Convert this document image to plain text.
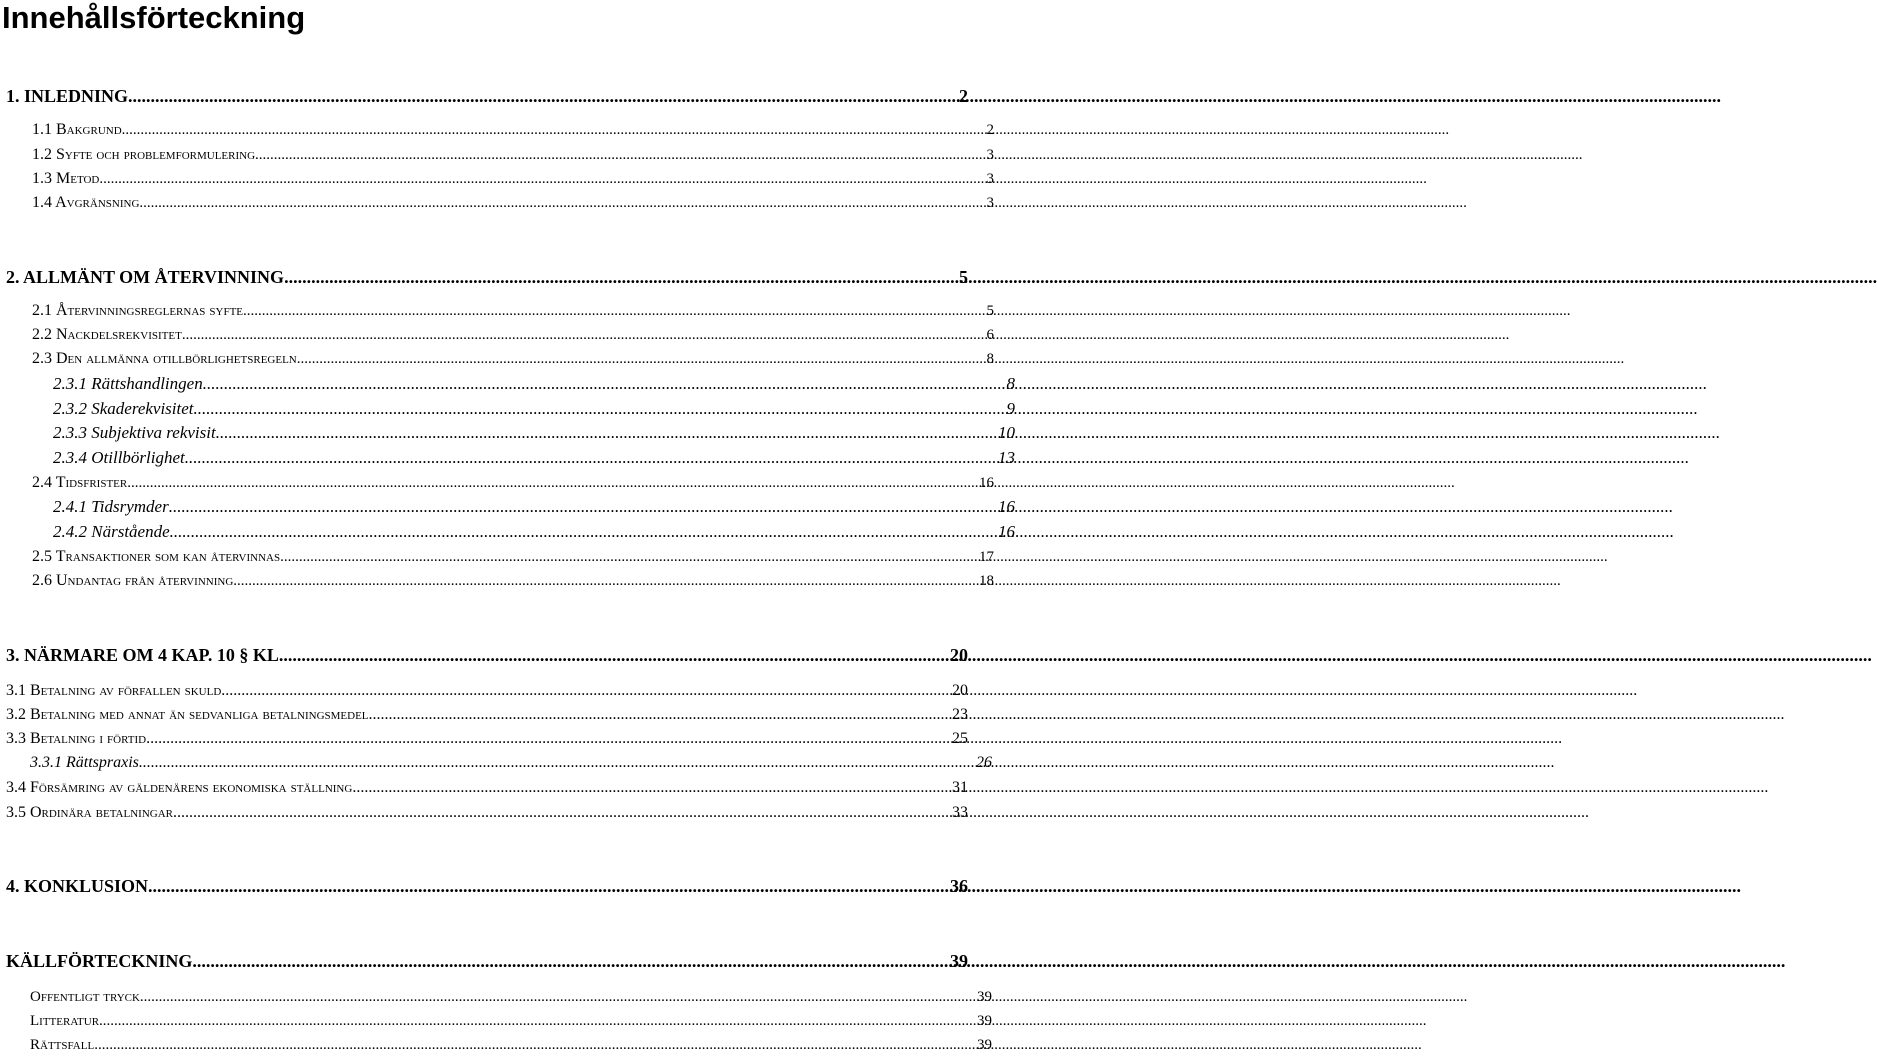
Innehållsförteckning
1. INLEDNING .....	2
1.1 Bakgrund .....	2
1.2 Syfte och problemformulering .....	3
1.3 Metod .....	3
1.4 Avgränsning .....	3
2. ALLMÄNT OM ÅTERVINNING .....	5
2.1 Återvinningsreglernas syfte .....	5
2.2 Nackdelsrekvisitet .....	6
2.3 Den allmänna otillbörlighetsregeln .....	8
2.3.1 Rättshandlingen .....	8
2.3.2 Skaderekvisitet .....	9
2.3.3 Subjektiva rekvisit .....	10
2.3.4 Otillbörlighet .....	13
2.4 Tidsfrister .....	16
2.4.1 Tidsrymder .....	16
2.4.2 Närstående .....	16
2.5 Transaktioner som kan återvinnas .....	17
2.6 Undantag från återvinning .....	18
3. NÄRMARE OM 4 KAP. 10 § KL .....	20
3.1 Betalning av förfallen skuld .....	20
3.2 Betalning med annat än sedvanliga betalningsmedel .....	23
3.3 Betalning i förtid .....	25
3.3.1 Rättspraxis .....	26
3.4 Försämring av gäldenärens ekonomiska ställning .....	31
3.5 Ordinära betalningar .....	33
4. KONKLUSION .....	36
KÄLLFÖRTECKNING .....	39
Offentligt tryck .....	39
Litteratur .....	39
Rättsfall .....	39
